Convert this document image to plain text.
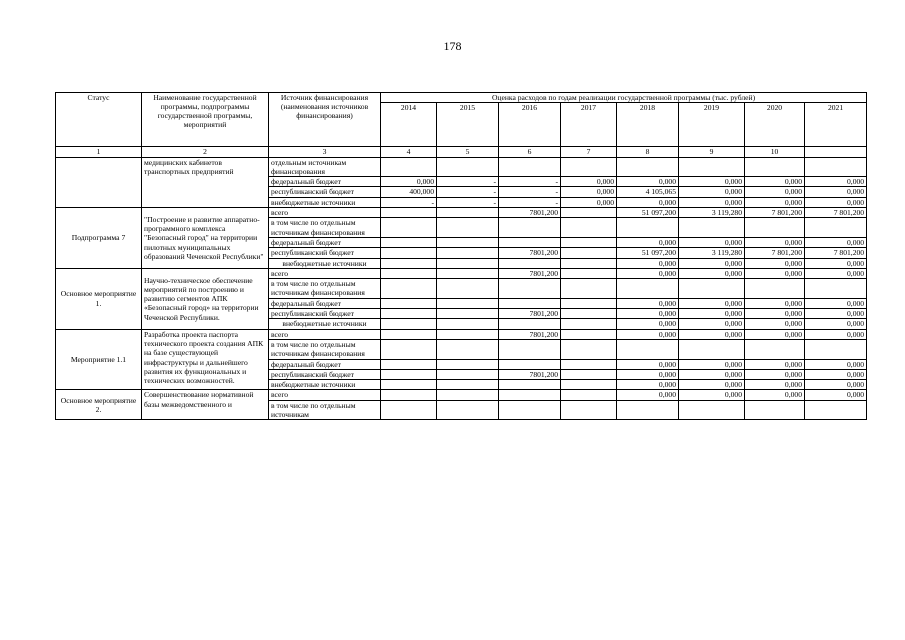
178
Статус	Наименование государственной программы, подпрограммы государственной программы, мероприятий	Источник финансирования (наименования источников финансирования)	Оценка расходов по годам реализации государственной программы (тыс. рублей)							
			2014	2015	2016	2017	2018	2019	2020	2021
1	2	3	4	5	6	7	8	9	10	
	медицинских кабинетов транспортных предприятий	отдельным источникам финансирования								
		федеральный бюджет	0,000	-	-	0,000	0,000	0,000	0,000	0,000
		республиканский бюджет	400,000	-	-	0,000	4 105,065	0,000	0,000	0,000
		внебюджетные источники	-	-	-	0,000	0,000	0,000	0,000	0,000
Подпрограмма 7	"Построение и развитие аппаратно-программного комплекса "Безопасный город" на территории пилотных муниципальных образований Чеченской Республики"	всего			7801,200		51 097,200	3 119,280	7 801,200	7 801,200
		в том числе по отдельным источникам финансирования								
		федеральный бюджет					0,000	0,000	0,000	0,000
		республиканский бюджет			7801,200		51 097,200	3 119,280	7 801,200	7 801,200
		внебюджетные источники					0,000	0,000	0,000	0,000
Основное мероприятие 1.	Научно-техническое обеспечение мероприятий по построению и развитию сегментов АПК «Безопасный город» на территории Чеченской Республики.	всего			7801,200		0,000	0,000	0,000	0,000
		в том числе по отдельным источникам финансирования								
		федеральный бюджет					0,000	0,000	0,000	0,000
		республиканский бюджет			7801,200		0,000	0,000	0,000	0,000
		внебюджетные источники					0,000	0,000	0,000	0,000
Мероприятие 1.1	Разработка проекта паспорта технического проекта создания АПК на базе существующей инфраструктуры и дальнейшего развития их функциональных и технических возможностей.	всего			7801,200		0,000	0,000	0,000	0,000
		в том числе по отдельным источникам финансирования								
		федеральный бюджет					0,000	0,000	0,000	0,000
		республиканский бюджет			7801,200		0,000	0,000	0,000	0,000
		внебюджетные источники					0,000	0,000	0,000	0,000
Основное мероприятие 2.	Совершенствование нормативной базы межведомственного и	всего					0,000	0,000	0,000	0,000
		в том числе по отдельным источникам								
